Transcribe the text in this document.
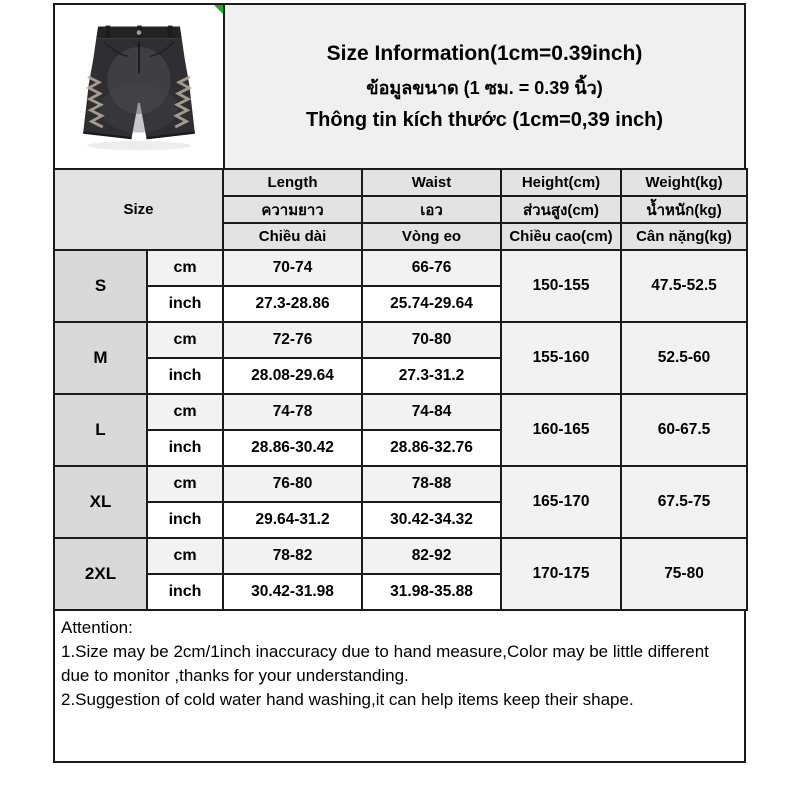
Size Information(1cm=0.39inch)
ข้อมูลขนาด (1 ซม. = 0.39 นิ้ว)
Thông tin kích thước (1cm=0,39 inch)
Size		Length	Waist	Height(cm)	Weight(kg)
		ความยาว	เอว	ส่วนสูง(cm)	น้ำหนัก(kg)
		Chiều dài	Vòng eo	Chiều cao(cm)	Cân nặng(kg)
S	cm	70-74	66-76	150-155	47.5-52.5
	inch	27.3-28.86	25.74-29.64		
M	cm	72-76	70-80	155-160	52.5-60
	inch	28.08-29.64	27.3-31.2		
L	cm	74-78	74-84	160-165	60-67.5
	inch	28.86-30.42	28.86-32.76		
XL	cm	76-80	78-88	165-170	67.5-75
	inch	29.64-31.2	30.42-34.32		
2XL	cm	78-82	82-92	170-175	75-80
	inch	30.42-31.98	31.98-35.88		
Attention:
1.Size may be 2cm/1inch inaccuracy due to hand measure,Color may be little different due to monitor ,thanks for your understanding.
2.Suggestion of cold water hand washing,it can help items keep their shape.
